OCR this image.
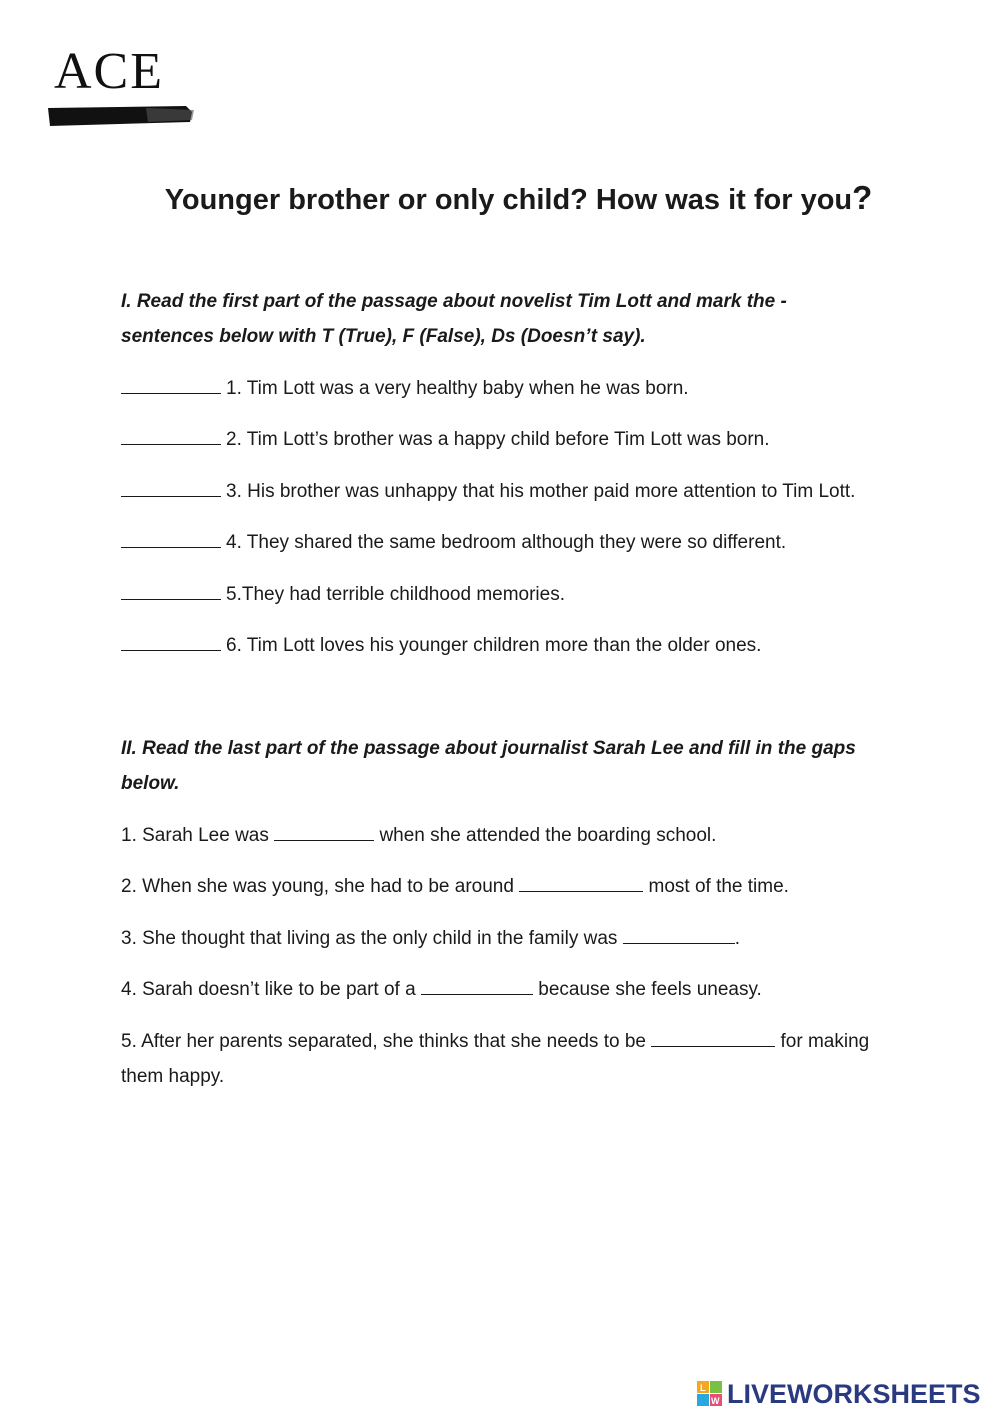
ACE
Younger brother or only child? How was it for you?
I. Read the first part of the passage about novelist Tim Lott and mark the -
sentences below with T (True), F (False), Ds (Doesn’t say).
1. Tim Lott was a very healthy baby when he was born.
2. Tim Lott’s brother was a happy child before Tim Lott was born.
3. His brother was unhappy that his mother paid more attention to Tim Lott.
4. They shared the same bedroom although they were so different.
5.They had terrible childhood memories.
6. Tim Lott loves his younger children more than the older ones.
II. Read the last part of the passage about journalist Sarah Lee and fill in the gaps
below.
1. Sarah Lee was	when she attended the boarding school.
2. When she was young, she had to be around	most of the time.
3. She thought that living as the only child in the family was	.
4. Sarah doesn’t like to be part of a	because she feels uneasy.
5. After her parents separated, she thinks that she needs to be	for making
them happy.
L
W LIVEWORKSHEETS
